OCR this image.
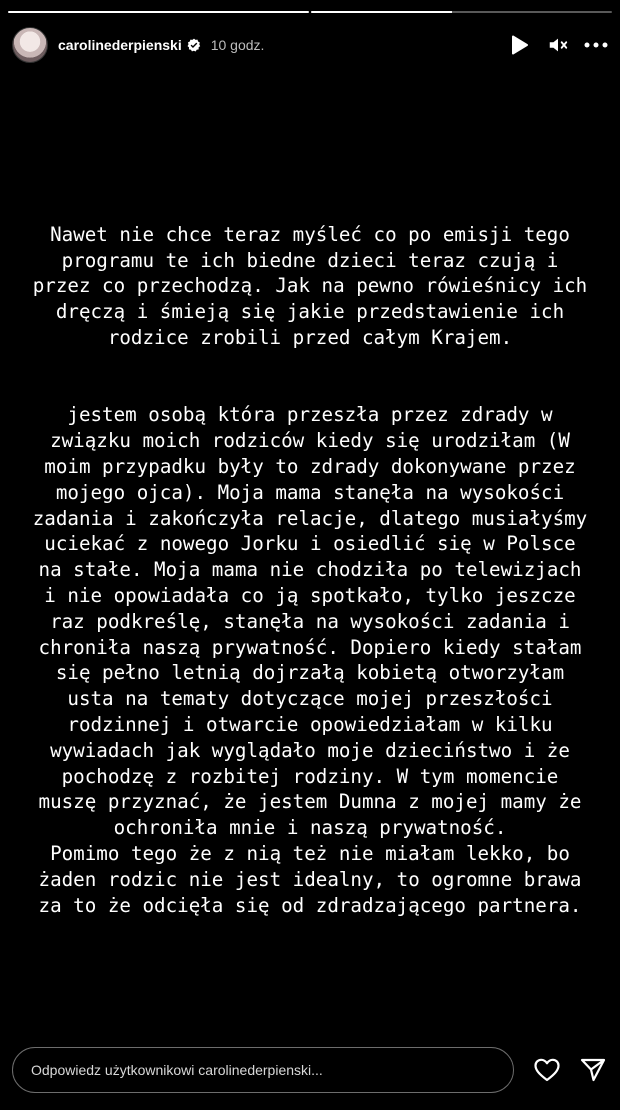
carolinederpienski 10 godz.

Nawet nie chce teraz myśleć co po emisji tego programu te ich biedne dzieci teraz czują i przez co przechodzą. Jak na pewno rówieśnicy ich dręczą i śmieją się jakie przedstawienie ich rodzice zrobili przed całym Krajem.

jestem osobą która przeszła przez zdrady w związku moich rodziców kiedy się urodziłam (W moim przypadku były to zdrady dokonywane przez mojego ojca). Moja mama stanęła na wysokości zadania i zakończyła relacje, dlatego musiałyśmy uciekać z nowego Jorku i osiedlić się w Polsce na stałe. Moja mama nie chodziła po telewizjach i nie opowiadała co ją spotkało, tylko jeszcze raz podkreślę, stanęła na wysokości zadania i chroniła naszą prywatność. Dopiero kiedy stałam się pełno letnią dojrzałą kobietą otworzyłam usta na tematy dotyczące mojej przeszłości rodzinnej i otwarcie opowiedziałam w kilku wywiadach jak wyglądało moje dzieciństwo i że pochodzę z rozbitej rodziny. W tym momencie muszę przyznać, że jestem Dumna z mojej mamy że ochroniła mnie i naszą prywatność.
Pomimo tego że z nią też nie miałam lekko, bo żaden rodzic nie jest idealny, to ogromne brawa za to że odcięła się od zdradzającego partnera.

Odpowiedz użytkownikowi carolinederpienski...
